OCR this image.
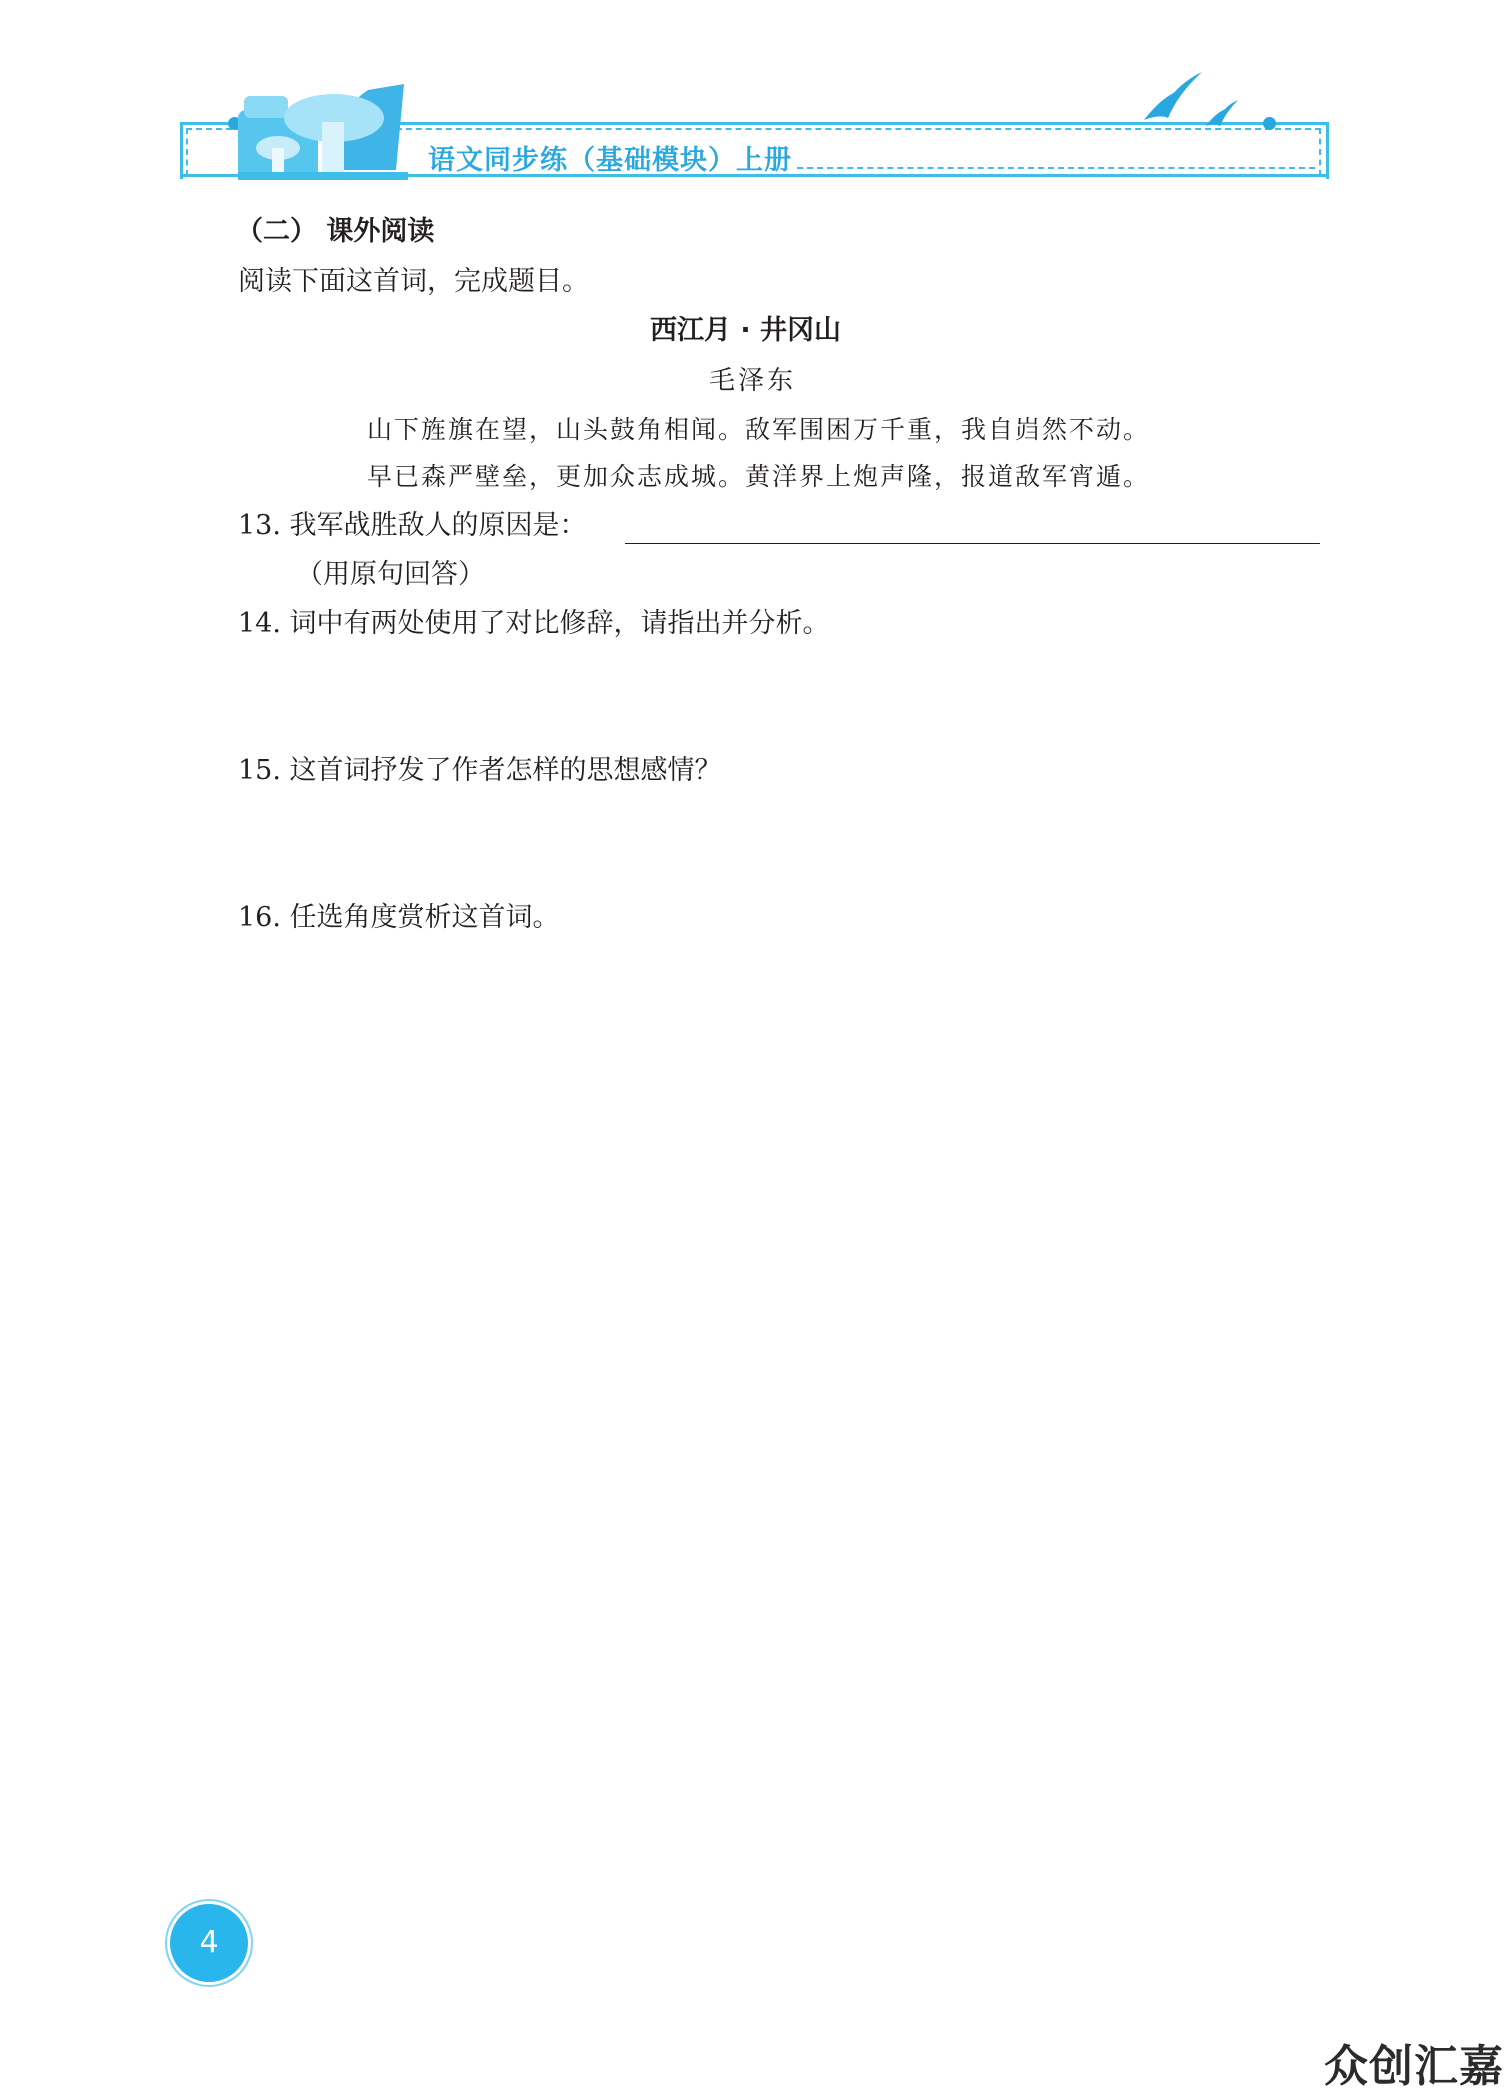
语文同步练（基础模块）上册
（二） 课外阅读
阅读下面这首词，完成题目。
西江月 · 井冈山
毛泽东
山下旌旗在望，山头鼓角相闻。敌军围困万千重，我自岿然不动。
早已森严壁垒，更加众志成城。黄洋界上炮声隆，报道敌军宵遁。
13. 我军战胜敌人的原因是：
（用原句回答）
14. 词中有两处使用了对比修辞，请指出并分析。
15. 这首词抒发了作者怎样的思想感情？
16. 任选角度赏析这首词。
4
众创汇嘉
